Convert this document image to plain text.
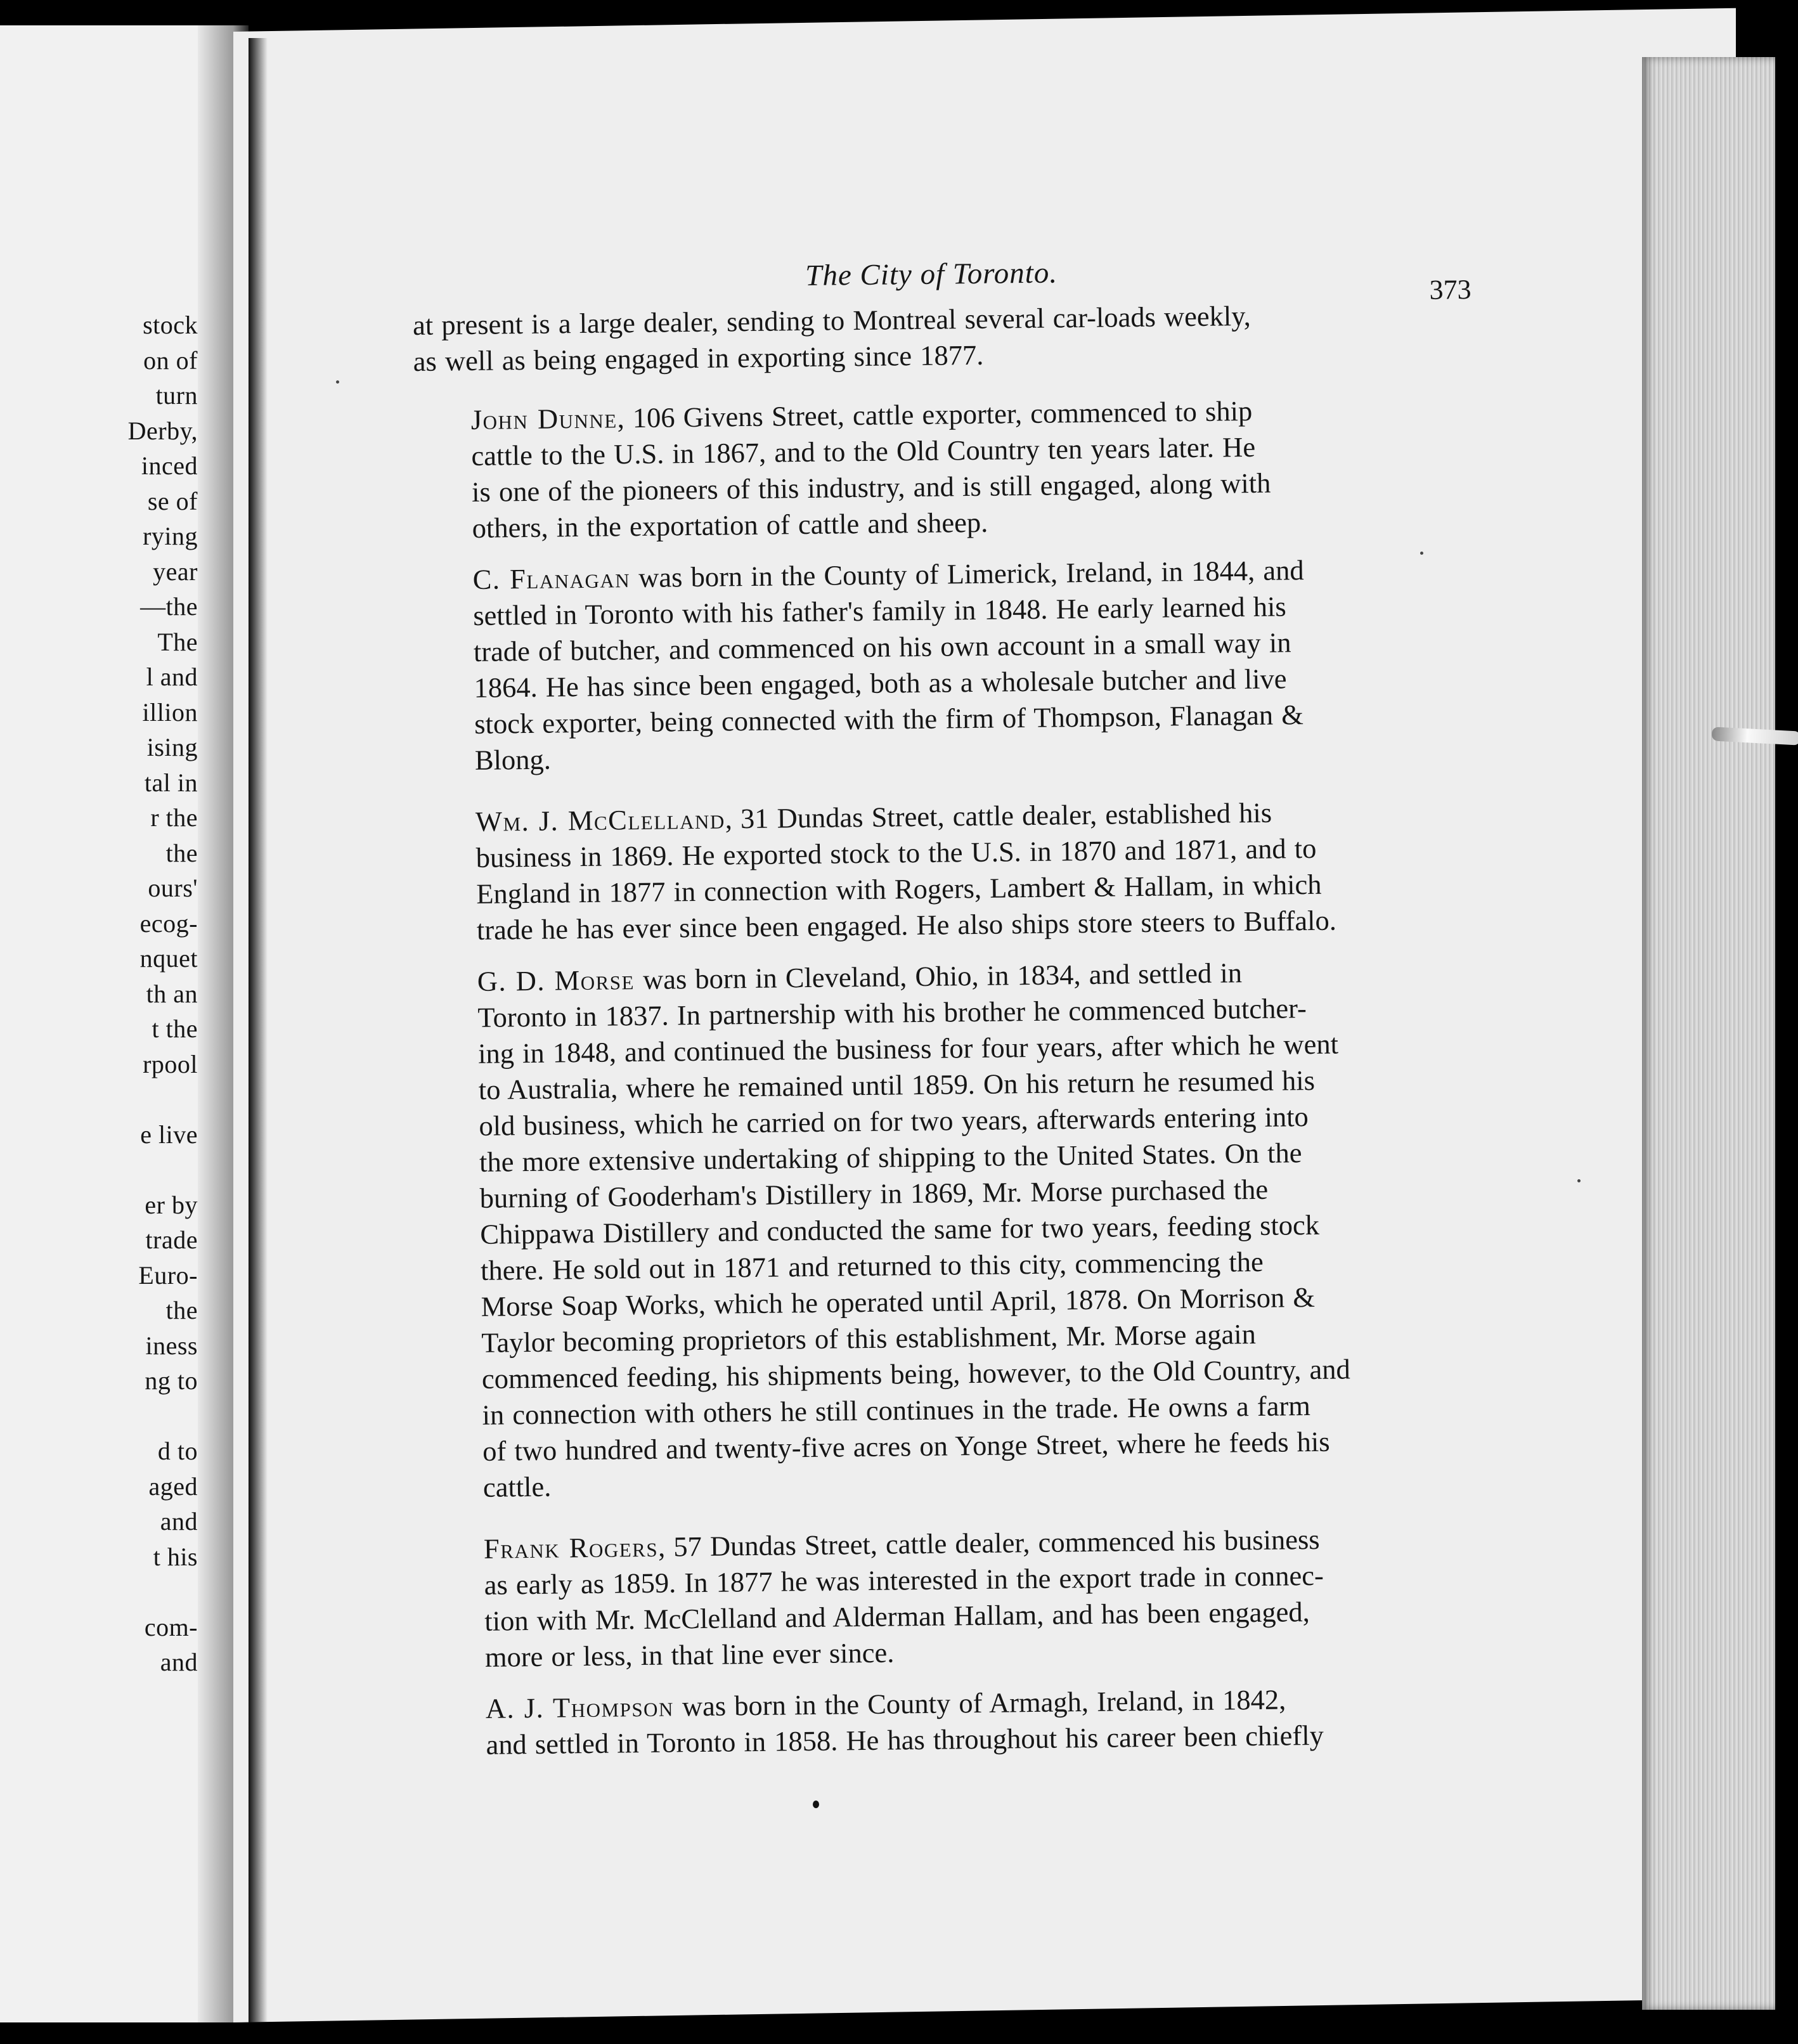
stock
on of
turn
Derby,
inced
se of
rying
year
—the
The
l and
illion
ising
tal in
r the
the
ours'
ecog-
nquet
th an
t the
rpool

e live

er by
trade
Euro-
the
iness
ng to

d to
aged
and
t his

com-
and
The City of Toronto.	373

at present is a large dealer, sending to Montreal several car-loads weekly,
as well as being engaged in exporting since 1877.

John Dunne, 106 Givens Street, cattle exporter, commenced to ship
cattle to the U.S. in 1867, and to the Old Country ten years later. He
is one of the pioneers of this industry, and is still engaged, along with
others, in the exportation of cattle and sheep.

C. Flanagan was born in the County of Limerick, Ireland, in 1844, and
settled in Toronto with his father's family in 1848. He early learned his
trade of butcher, and commenced on his own account in a small way in
1864. He has since been engaged, both as a wholesale butcher and live
stock exporter, being connected with the firm of Thompson, Flanagan &
Blong.

Wm. J. McClelland, 31 Dundas Street, cattle dealer, established his
business in 1869. He exported stock to the U.S. in 1870 and 1871, and to
England in 1877 in connection with Rogers, Lambert & Hallam, in which
trade he has ever since been engaged. He also ships store steers to Buffalo.

G. D. Morse was born in Cleveland, Ohio, in 1834, and settled in
Toronto in 1837. In partnership with his brother he commenced butcher-
ing in 1848, and continued the business for four years, after which he went
to Australia, where he remained until 1859. On his return he resumed his
old business, which he carried on for two years, afterwards entering into
the more extensive undertaking of shipping to the United States. On the
burning of Gooderham's Distillery in 1869, Mr. Morse purchased the
Chippawa Distillery and conducted the same for two years, feeding stock
there. He sold out in 1871 and returned to this city, commencing the
Morse Soap Works, which he operated until April, 1878. On Morrison &
Taylor becoming proprietors of this establishment, Mr. Morse again
commenced feeding, his shipments being, however, to the Old Country, and
in connection with others he still continues in the trade. He owns a farm
of two hundred and twenty-five acres on Yonge Street, where he feeds his
cattle.

Frank Rogers, 57 Dundas Street, cattle dealer, commenced his business
as early as 1859. In 1877 he was interested in the export trade in connec-
tion with Mr. McClelland and Alderman Hallam, and has been engaged,
more or less, in that line ever since.

A. J. Thompson was born in the County of Armagh, Ireland, in 1842,
and settled in Toronto in 1858. He has throughout his career been chiefly
